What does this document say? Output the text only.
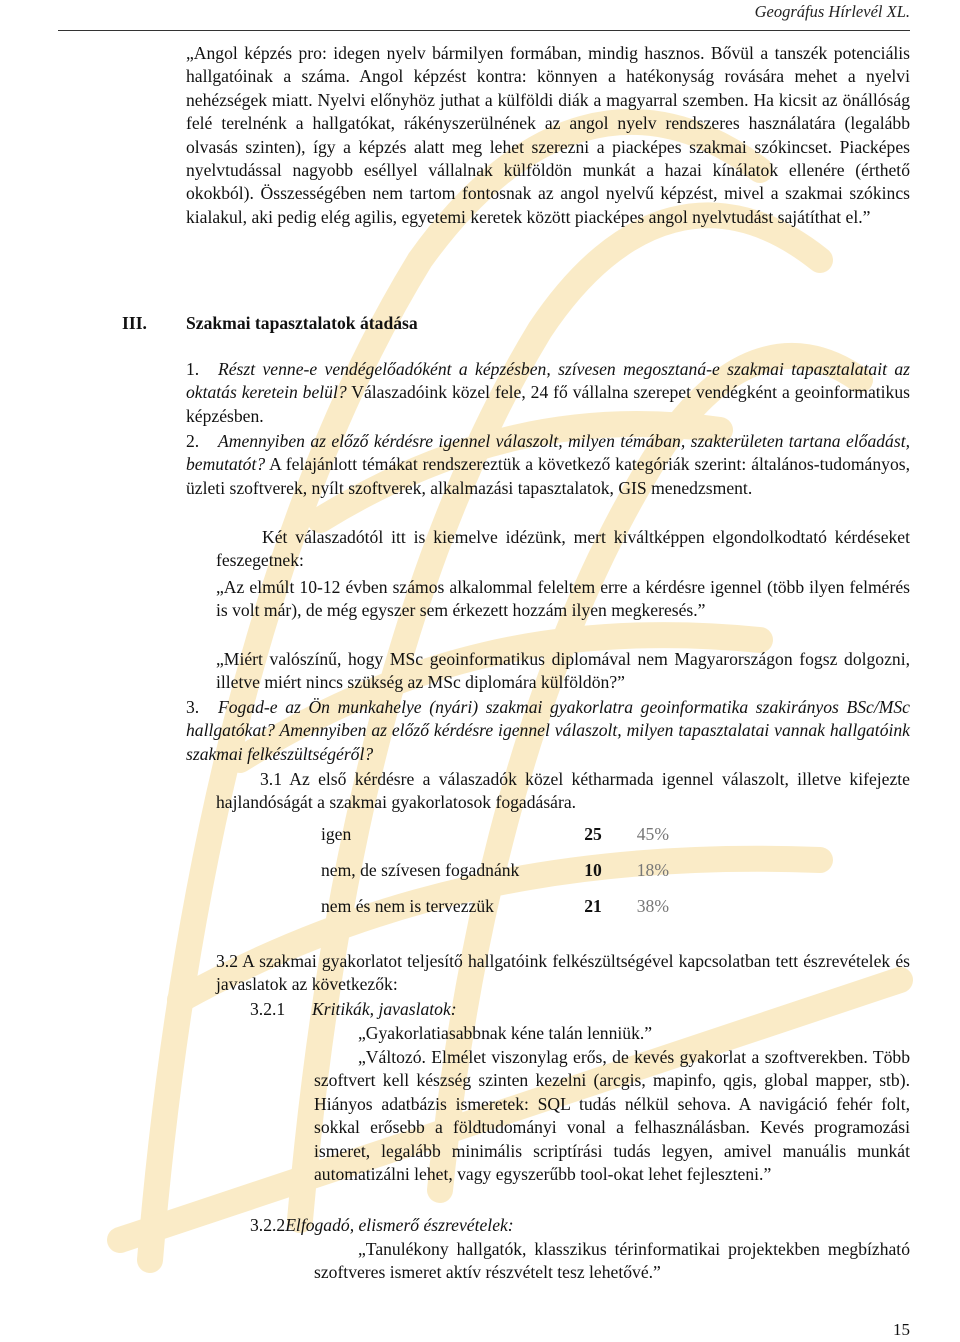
Geográfus Hírlevél XL.
„Angol képzés pro: idegen nyelv bármilyen formában, mindig hasznos. Bővül a tanszék potenciális hallgatóinak a száma. Angol képzést kontra: könnyen a hatékonyság rovására mehet a nyelvi nehézségek miatt. Nyelvi előnyhöz juthat a külföldi diák a magyarral szemben. Ha kicsit az önállóság felé terelnénk a hallgatókat, rákényszerülnének az angol nyelv rendszeres használatára (legalább olvasás szinten), így a képzés alatt meg lehet szerezni a piacképes szakmai szókincset. Piacképes nyelvtudással nagyobb eséllyel vállalnak külföldön munkát a hazai kínálatok ellenére (érthető okokból). Összességében nem tartom fontosnak az angol nyelvű képzést, mivel a szakmai szókincs kialakul, aki pedig elég agilis, egyetemi keretek között piacképes angol nyelvtudást sajátíthat el.”
III. Szakmai tapasztalatok átadása
1. Részt venne-e vendégelőadóként a képzésben, szívesen megosztaná-e szakmai tapasztalatait az oktatás keretein belül? Válaszadóink közel fele, 24 fő vállalna szerepet vendégként a geoinformatikus képzésben.
2. Amennyiben az előző kérdésre igennel válaszolt, milyen témában, szakterületen tartana előadást, bemutatót? A felajánlott témákat rendszereztük a következő kategóriák szerint: általános-tudományos, üzleti szoftverek, nyílt szoftverek, alkalmazási tapasztalatok, GIS menedzsment.
Két válaszadótól itt is kiemelve idézünk, mert kiváltképpen elgondolkodtató kérdéseket feszegetnek:
„Az elmúlt 10-12 évben számos alkalommal feleltem erre a kérdésre igennel (több ilyen felmérés is volt már), de még egyszer sem érkezett hozzám ilyen megkeresés.”
„Miért valószínű, hogy MSc geoinformatikus diplomával nem Magyarországon fogsz dolgozni, illetve miért nincs szükség az MSc diplomára külföldön?”
3. Fogad-e az Ön munkahelye (nyári) szakmai gyakorlatra geoinformatika szakirányos BSc/MSc hallgatókat? Amennyiben az előző kérdésre igennel válaszolt, milyen tapasztalatai vannak hallgatóink szakmai felkészültségéről?
3.1 Az első kérdésre a válaszadók közel kétharmada igennel válaszolt, illetve kifejezte hajlandóságát a szakmai gyakorlatosok fogadására.
igen	25	45%
nem, de szívesen fogadnánk	10	18%
nem és nem is tervezzük	21	38%
3.2 A szakmai gyakorlatot teljesítő hallgatóink felkészültségével kapcsolatban tett észrevételek és javaslatok az következők:
3.2.1 Kritikák, javaslatok:
„Gyakorlatiasabbnak kéne talán lenniük.”
„Változó. Elmélet viszonylag erős, de kevés gyakorlat a szoftverekben. Több szoftvert kell készség szinten kezelni (arcgis, mapinfo, qgis, global mapper, stb). Hiányos adatbázis ismeretek: SQL tudás nélkül sehova. A navigáció fehér folt, sokkal erősebb a földtudományi vonal a felhasználásban. Kevés programozási ismeret, legalább minimális scriptírási tudás legyen, amivel manuális munkát automatizálni lehet, vagy egyszerűbb tool-okat lehet fejleszteni.”
3.2.2Elfogadó, elismerő észrevételek:
„Tanulékony hallgatók, klasszikus térinformatikai projektekben megbízható szoftveres ismeret aktív részvételt tesz lehetővé.”
15
